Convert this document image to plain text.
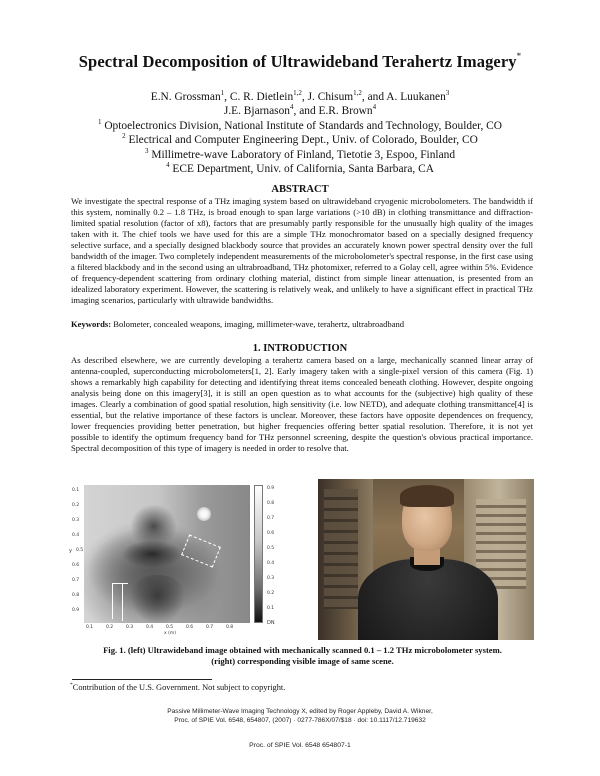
Spectral Decomposition of Ultrawideband Terahertz Imagery*
E.N. Grossman$^1$, C. R. Dietlein$^{1,2}$, J. Chisum$^{1,2}$, and A. Luukanen$^3$
J.E. Bjarnason$^4$, and E.R. Brown$^4$
$^1$ Optoelectronics Division, National Institute of Standards and Technology, Boulder, CO
$^2$ Electrical and Computer Engineering Dept., Univ. of Colorado, Boulder, CO
$^3$ Millimetre-wave Laboratory of Finland, Tietotie 3, Espoo, Finland
$^4$ ECE Department, Univ. of California, Santa Barbara, CA
ABSTRACT
We investigate the spectral response of a THz imaging system based on ultrawideband cryogenic microbolometers. The bandwidth if this system, nominally 0.2 – 1.8 THz, is broad enough to span large variations (>10 dB) in clothing transmittance and diffraction-limited spatial resolution (factor of x8), factors that are presumably partly responsible for the unusually high quality of the images taken with it. The chief tools we have used for this are a simple THz monochromator based on a specially designed frequency selective surface, and a specially designed blackbody source that provides an accurately known power spectral density over the full bandwidth of the imager. Two completely independent measurements of the microbolometer's spectral response, in the first case using a filtered blackbody and in the second using an ultrabroadband, THz photomixer, referred to a Golay cell, agree within 5%. Evidence of frequency-dependent scattering from ordinary clothing material, distinct from simple linear attenuation, is presented from an idealized laboratory experiment. However, the scattering is relatively weak, and unlikely to have a significant effect in practical THz imaging scenarios, particularly with ultrawide bandwidths.
Keywords: Bolometer, concealed weapons, imaging, millimeter-wave, terahertz, ultrabroadband
1. INTRODUCTION
As described elsewhere, we are currently developing a terahertz camera based on a large, mechanically scanned linear array of antenna-coupled, superconducting microbolometers[1, 2]. Early imagery taken with a single-pixel version of this camera (Fig. 1) shows a remarkably high capability for detecting and identifying threat items concealed beneath clothing. However, despite ongoing analysis being done on this imagery[3], it is still an open question as to what accounts for the (subjective) high quality of these images. Clearly a combination of good spatial resolution, high sensitivity (i.e. low NETD), and adequate clothing transmittance[4] is essential, but the relative importance of these factors is unclear. Moreover, these factors have opposite dependences on frequency, lower frequencies providing better penetration, but higher frequencies offering better spatial resolution. Therefore, it is not yet possible to identify the optimum frequency band for THz personnel screening, despite the question's obvious practical importance. Spectral decomposition of this type of imagery is needed in order to resolve that.
y
0.1
0.2
0.3
0.4
0.5
0.6
0.7
0.8
0.9
0.1	0.2	0.3	0.4	0.5	0.6	0.7	0.8
x (m)
0.9
0.8
0.7
0.6
0.5
0.4
0.3
0.2
0.1
DN
Fig. 1. (left) Ultrawideband image obtained with mechanically scanned 0.1 – 1.2 THz microbolometer system.
(right) corresponding visible image of same scene.
*Contribution of the U.S. Government. Not subject to copyright.
Passive Millimeter-Wave Imaging Technology X, edited by Roger Appleby, David A. Wikner,
Proc. of SPIE Vol. 6548, 654807, (2007) · 0277-786X/07/$18 · doi: 10.1117/12.719632
Proc. of SPIE Vol. 6548 654807-1
